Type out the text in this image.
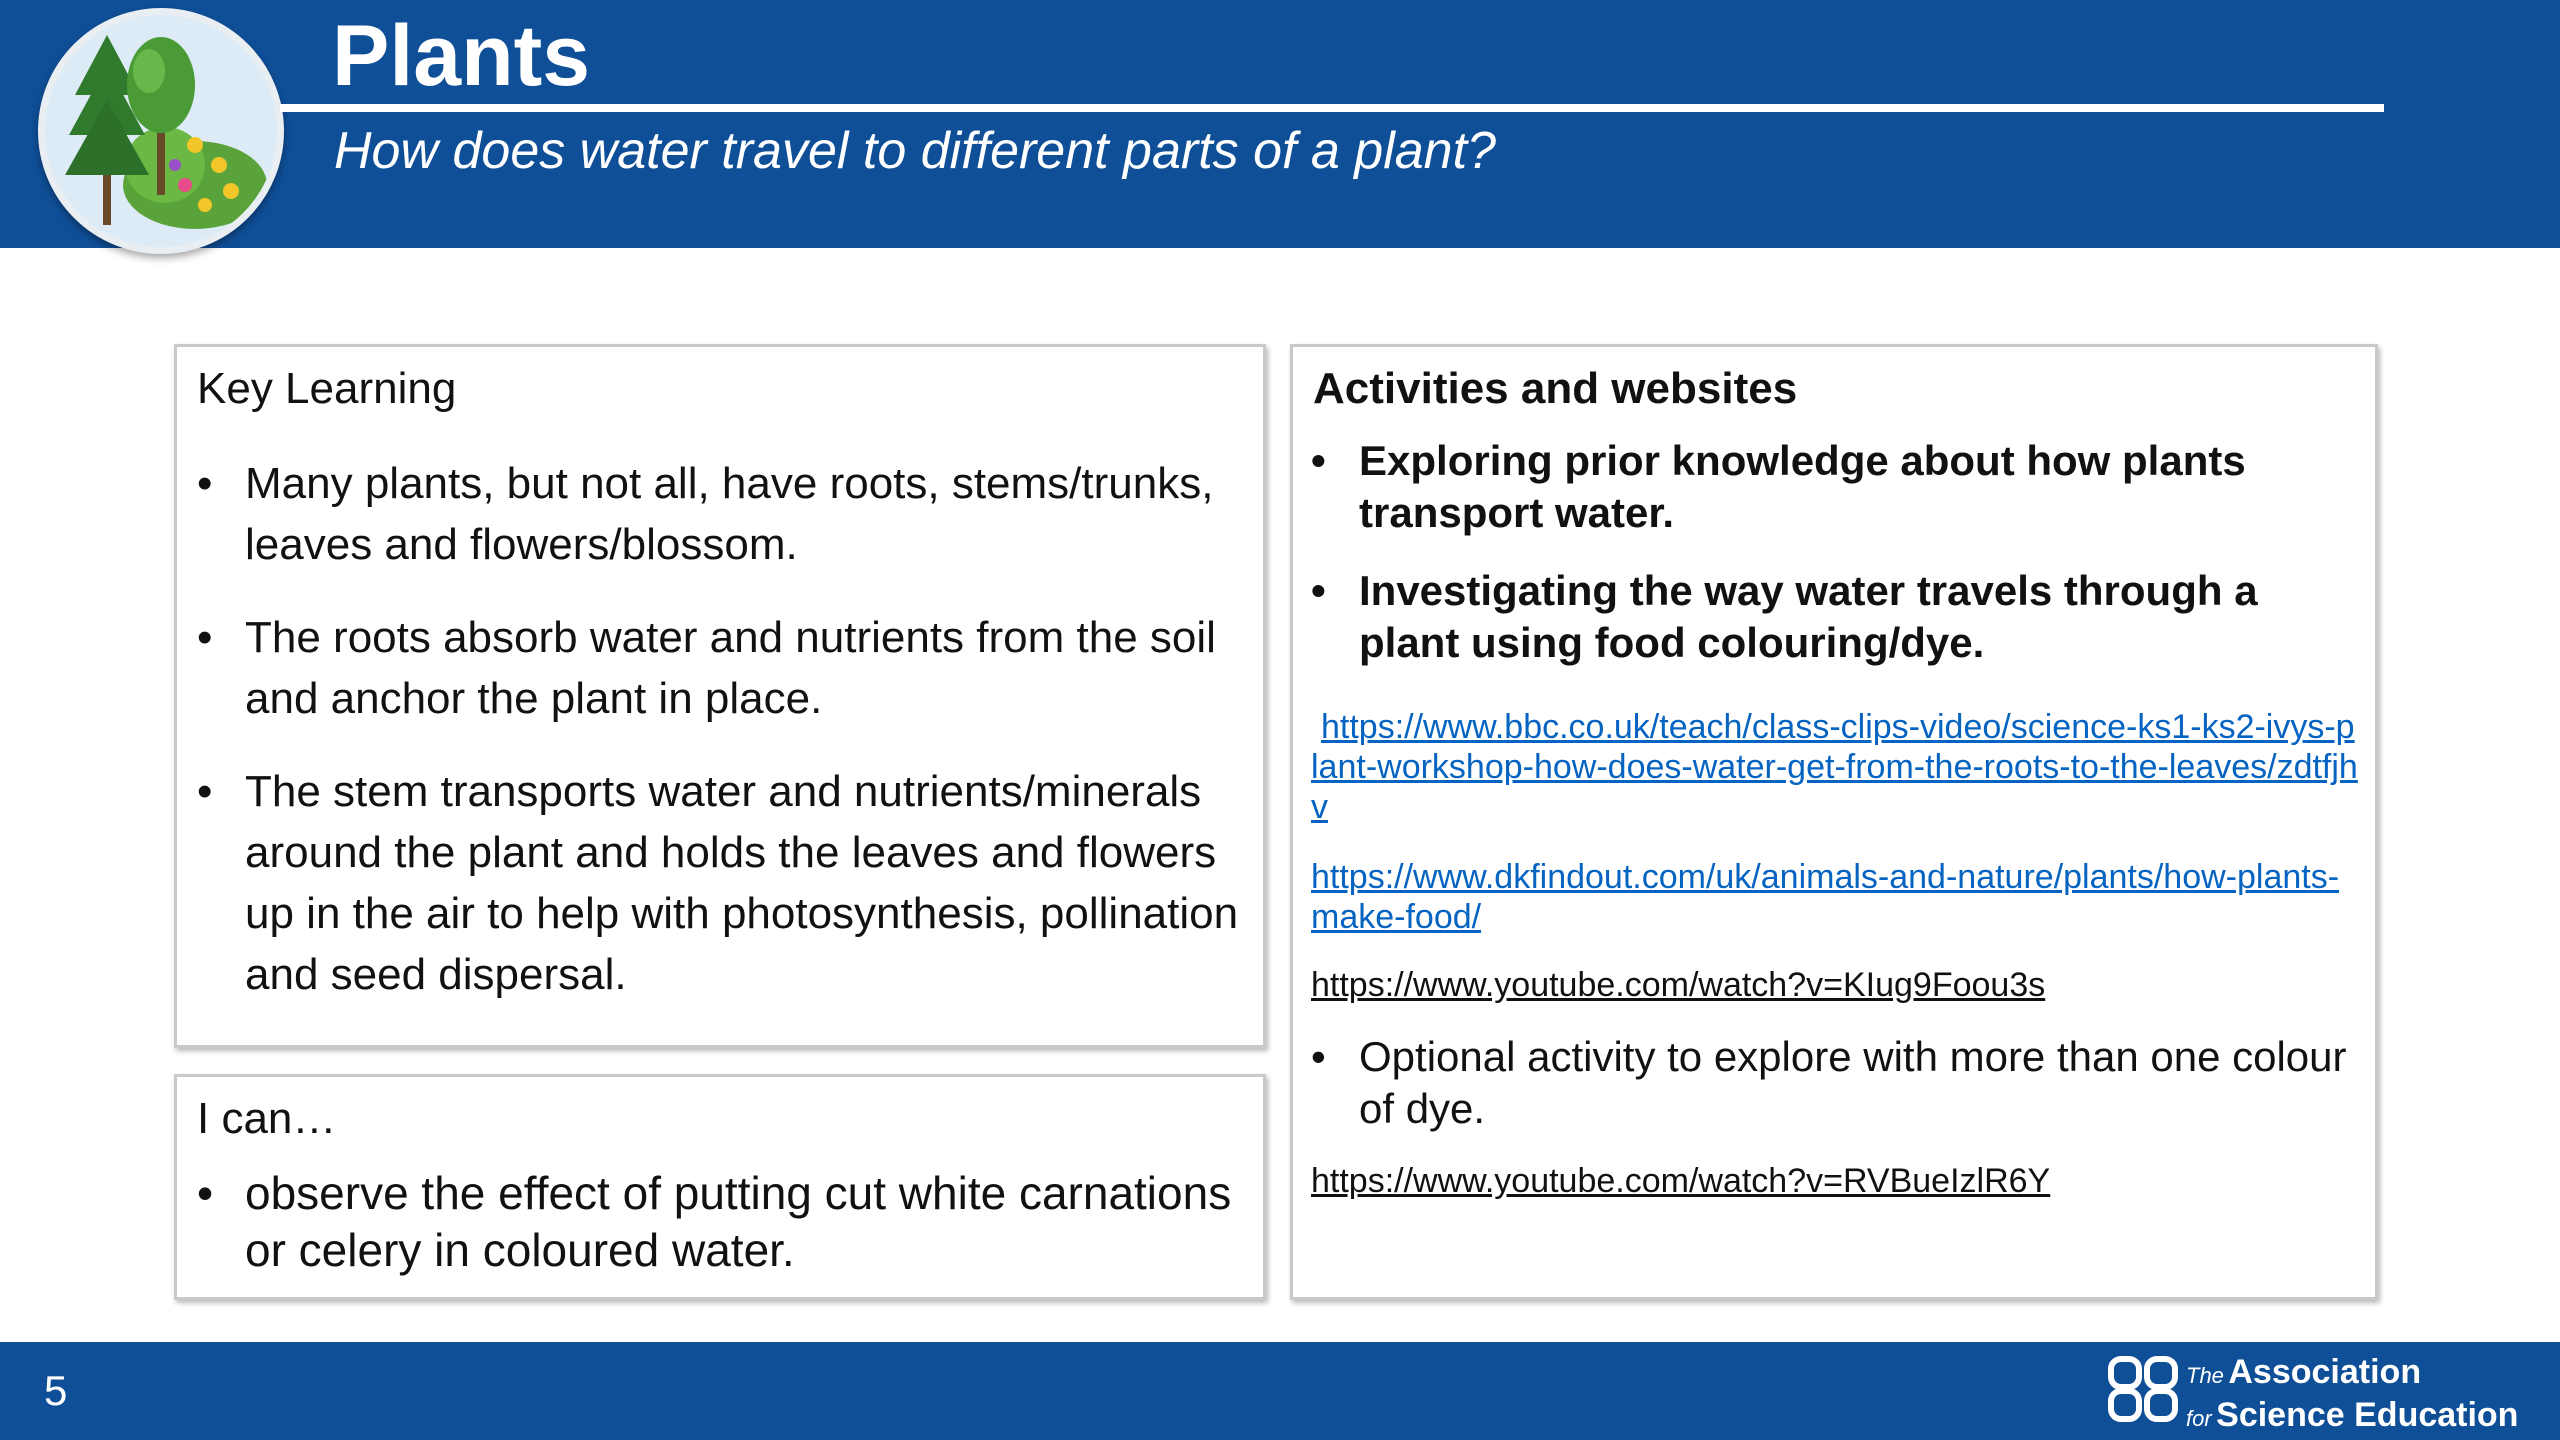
Plants
How does water travel to different parts of a plant?
Key Learning
• Many plants, but not all, have roots, stems/trunks, leaves and flowers/blossom.
• The roots absorb water and nutrients from the soil and anchor the plant in place.
• The stem transports water and nutrients/minerals around the plant and holds the leaves and flowers up in the air to help with photosynthesis, pollination and seed dispersal.
I can…
• observe the effect of putting cut white carnations or celery in coloured water.
Activities and websites
• Exploring prior knowledge about how plants transport water.
• Investigating the way water travels through a plant using food colouring/dye.
https://www.bbc.co.uk/teach/class-clips-video/science-ks1-ks2-ivys-plant-workshop-how-does-water-get-from-the-roots-to-the-leaves/zdtfjhv
https://www.dkfindout.com/uk/animals-and-nature/plants/how-plants-make-food/
https://www.youtube.com/watch?v=KIug9Foou3s
• Optional activity to explore with more than one colour of dye.
https://www.youtube.com/watch?v=RVBueIzlR6Y
5	The Association
for Science Education
